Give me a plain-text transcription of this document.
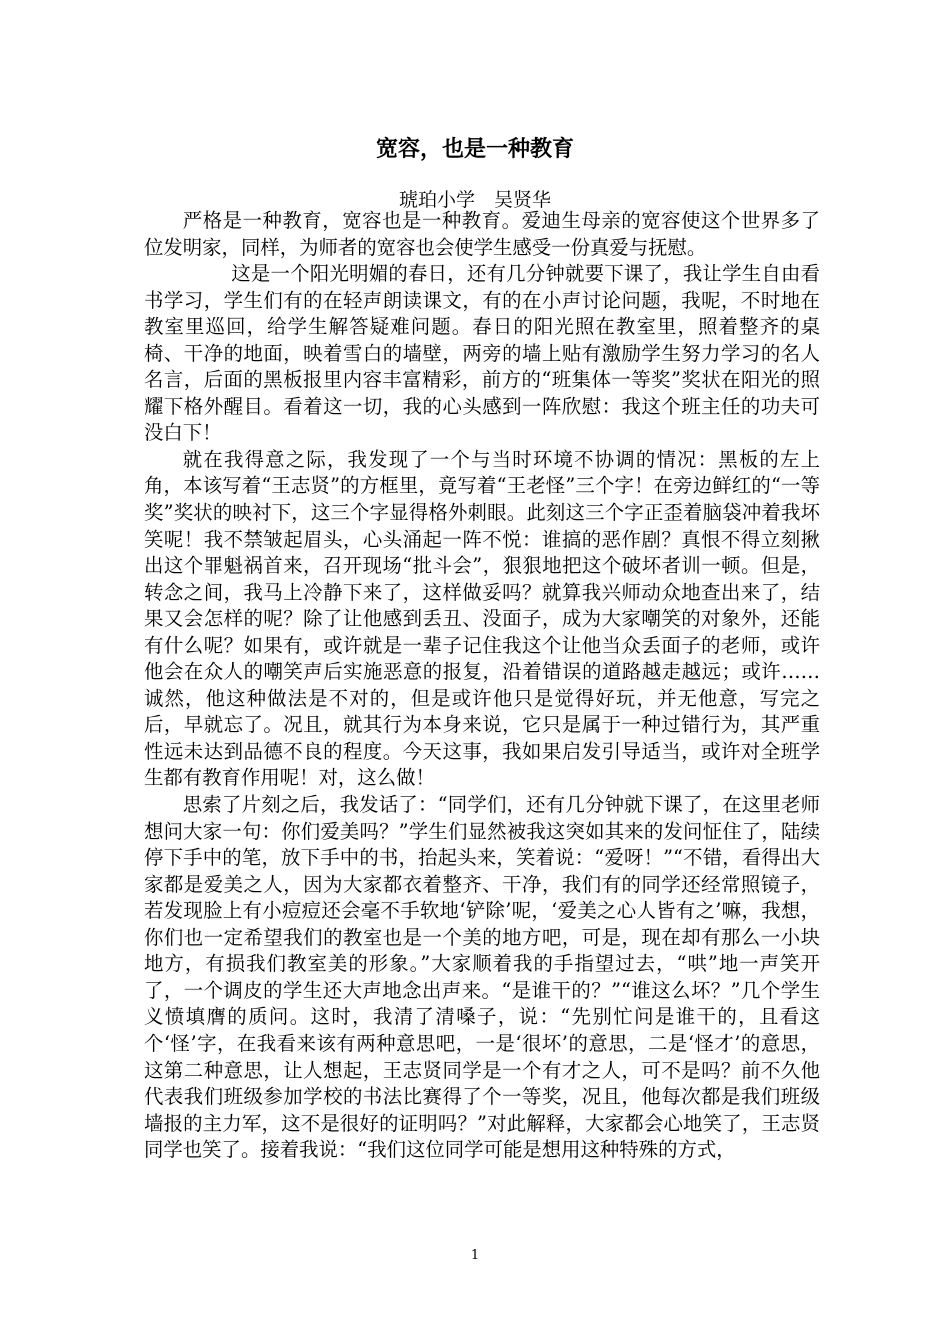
宽容，也是一种教育
琥珀小学　吴贤华

严格是一种教育，宽容也是一种教育。爱迪生母亲的宽容使这个世界多了位发明家，同样，为师者的宽容也会使学生感受一份真爱与抚慰。

这是一个阳光明媚的春日，还有几分钟就要下课了，我让学生自由看书学习，学生们有的在轻声朗读课文，有的在小声讨论问题，我呢，不时地在教室里巡回，给学生解答疑难问题。春日的阳光照在教室里，照着整齐的桌椅、干净的地面，映着雪白的墙壁，两旁的墙上贴有激励学生努力学习的名人名言，后面的黑板报里内容丰富精彩，前方的“班集体一等奖”奖状在阳光的照耀下格外醒目。看着这一切，我的心头感到一阵欣慰：我这个班主任的功夫可没白下！

就在我得意之际，我发现了一个与当时环境不协调的情况：黑板的左上角，本该写着“王志贤”的方框里，竟写着“王老怪”三个字！在旁边鲜红的“一等奖”奖状的映衬下，这三个字显得格外刺眼。此刻这三个字正歪着脑袋冲着我坏笑呢！我不禁皱起眉头，心头涌起一阵不悦：谁搞的恶作剧？真恨不得立刻揪出这个罪魁祸首来，召开现场“批斗会”，狠狠地把这个破坏者训一顿。但是，转念之间，我马上冷静下来了，这样做妥吗？就算我兴师动众地查出来了，结果又会怎样的呢？除了让他感到丢丑、没面子，成为大家嘲笑的对象外，还能有什么呢？如果有，或许就是一辈子记住我这个让他当众丢面子的老师，或许他会在众人的嘲笑声后实施恶意的报复，沿着错误的道路越走越远；或许……诚然，他这种做法是不对的，但是或许他只是觉得好玩，并无他意，写完之后，早就忘了。况且，就其行为本身来说，它只是属于一种过错行为，其严重性远未达到品德不良的程度。今天这事，我如果启发引导适当，或许对全班学生都有教育作用呢！对，这么做！

思索了片刻之后，我发话了：“同学们，还有几分钟就下课了，在这里老师想问大家一句：你们爱美吗？”学生们显然被我这突如其来的发问怔住了，陆续停下手中的笔，放下手中的书，抬起头来，笑着说：“爱呀！”“不错，看得出大家都是爱美之人，因为大家都衣着整齐、干净，我们有的同学还经常照镜子，若发现脸上有小痘痘还会毫不手软地‘铲除’呢，‘爱美之心人皆有之’嘛，我想，你们也一定希望我们的教室也是一个美的地方吧，可是，现在却有那么一小块地方，有损我们教室美的形象。”大家顺着我的手指望过去，“哄”地一声笑开了，一个调皮的学生还大声地念出声来。“是谁干的？”“谁这么坏？”几个学生义愤填膺的质问。这时，我清了清嗓子，说：“先别忙问是谁干的，且看这个‘怪’字，在我看来该有两种意思吧，一是‘很坏’的意思，二是‘怪才’的意思，这第二种意思，让人想起，王志贤同学是一个有才之人，可不是吗？前不久他代表我们班级参加学校的书法比赛得了个一等奖，况且，他每次都是我们班级墙报的主力军，这不是很好的证明吗？”对此解释，大家都会心地笑了，王志贤同学也笑了。接着我说：“我们这位同学可能是想用这种特殊的方式，

1
